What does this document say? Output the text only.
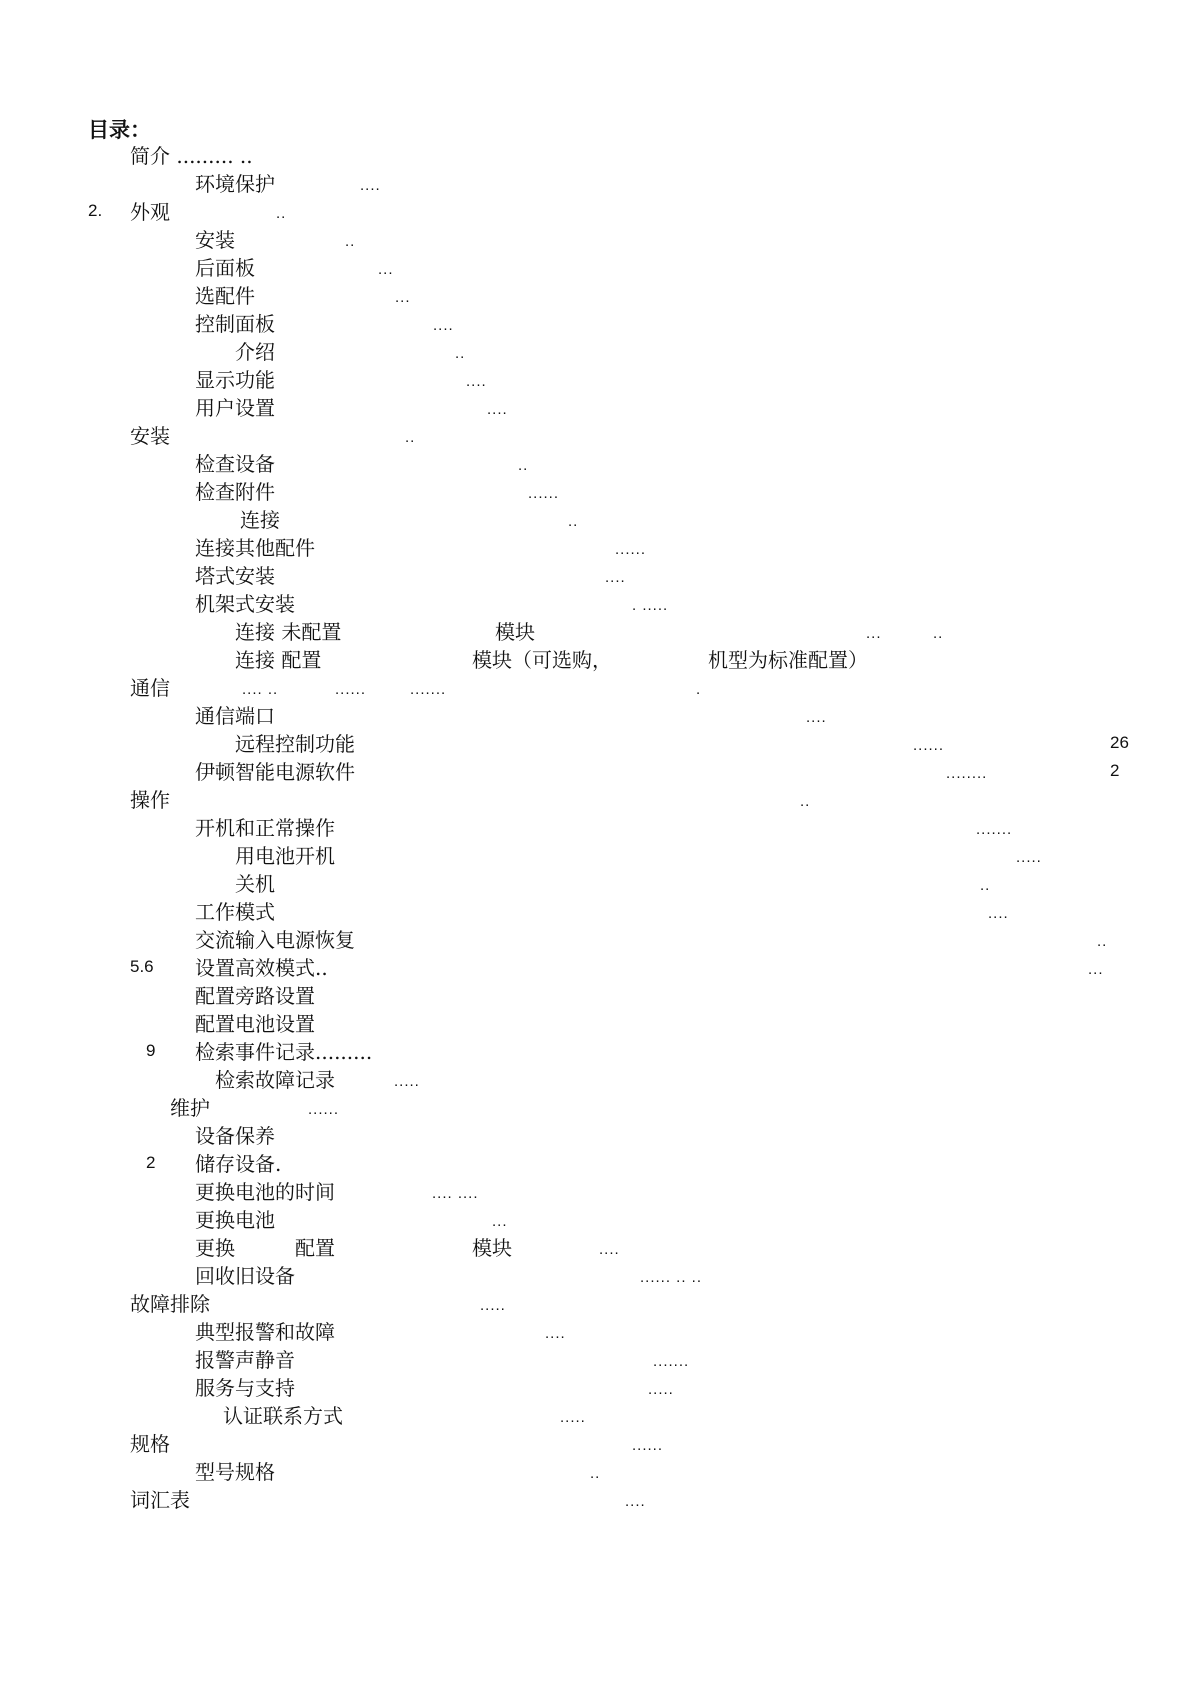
目录：
简介 ......... ..
环境保护	....
2. 外观	..
安装	..
后面板	...
选配件	...
控制面板	....
介绍	..
显示功能	....
用户设置	....
安装	..
检查设备	..
检查附件	......
连接	..
连接其他配件	......
塔式安装	....
机架式安装	. .....
连接 未配置	模块	...	..
连接 配置	模块（可选购，	机型为标准配置）
通信	.... ..	......	.......	.
通信端口	....
远程控制功能	......	26
伊顿智能电源软件	........	2
操作	..
开机和正常操作	.......
用电池开机	.....
关机	..
工作模式	....
交流输入电源恢复	..
5.6 设置高效模式..	...
配置旁路设置
配置电池设置
9 检索事件记录.........
检索故障记录	.....
维护	......
设备保养
2 储存设备.
更换电池的时间	.... ....
更换电池	...
更换	配置	模块	....
回收旧设备	...... .. ..
故障排除	.....
典型报警和故障	....
报警声静音	.......
服务与支持	.....
认证联系方式	.....
规格	......
型号规格	..
词汇表	....
